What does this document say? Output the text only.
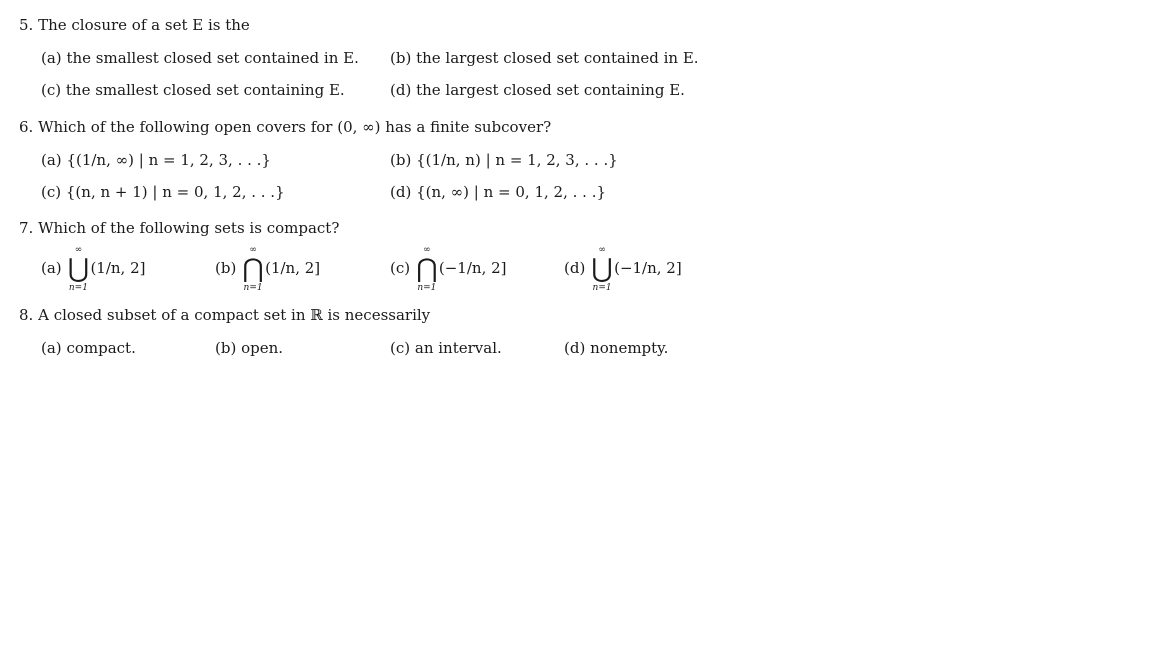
5. The closure of a set E is the
(a) the smallest closed set contained in E. (b) the largest closed set contained in E.
(c) the smallest closed set containing E.	(d) the largest closed set containing E.
6. Which of the following open covers for (0, ∞) has a finite subcover?
(a) {(1/n, ∞) | n = 1, 2, 3, . . .}	(b) {(1/n, n) | n = 1, 2, 3, . . .}
(c) {(n, n + 1) | n = 0, 1, 2, . . .}	(d) {(n, ∞) | n = 0, 1, 2, . . .}
7. Which of the following sets is compact?
(a)
∞
⋃
n=1
(1/n, 2]	(b)
∞
⋂
n=1
(1/n, 2]	(c)
∞
⋂
n=1
(−1/n, 2]	(d)
∞
⋃
n=1
(−1/n, 2]
8. A closed subset of a compact set in ℝ is necessarily
(a) compact.	(b) open.	(c) an interval.	(d) nonempty.
